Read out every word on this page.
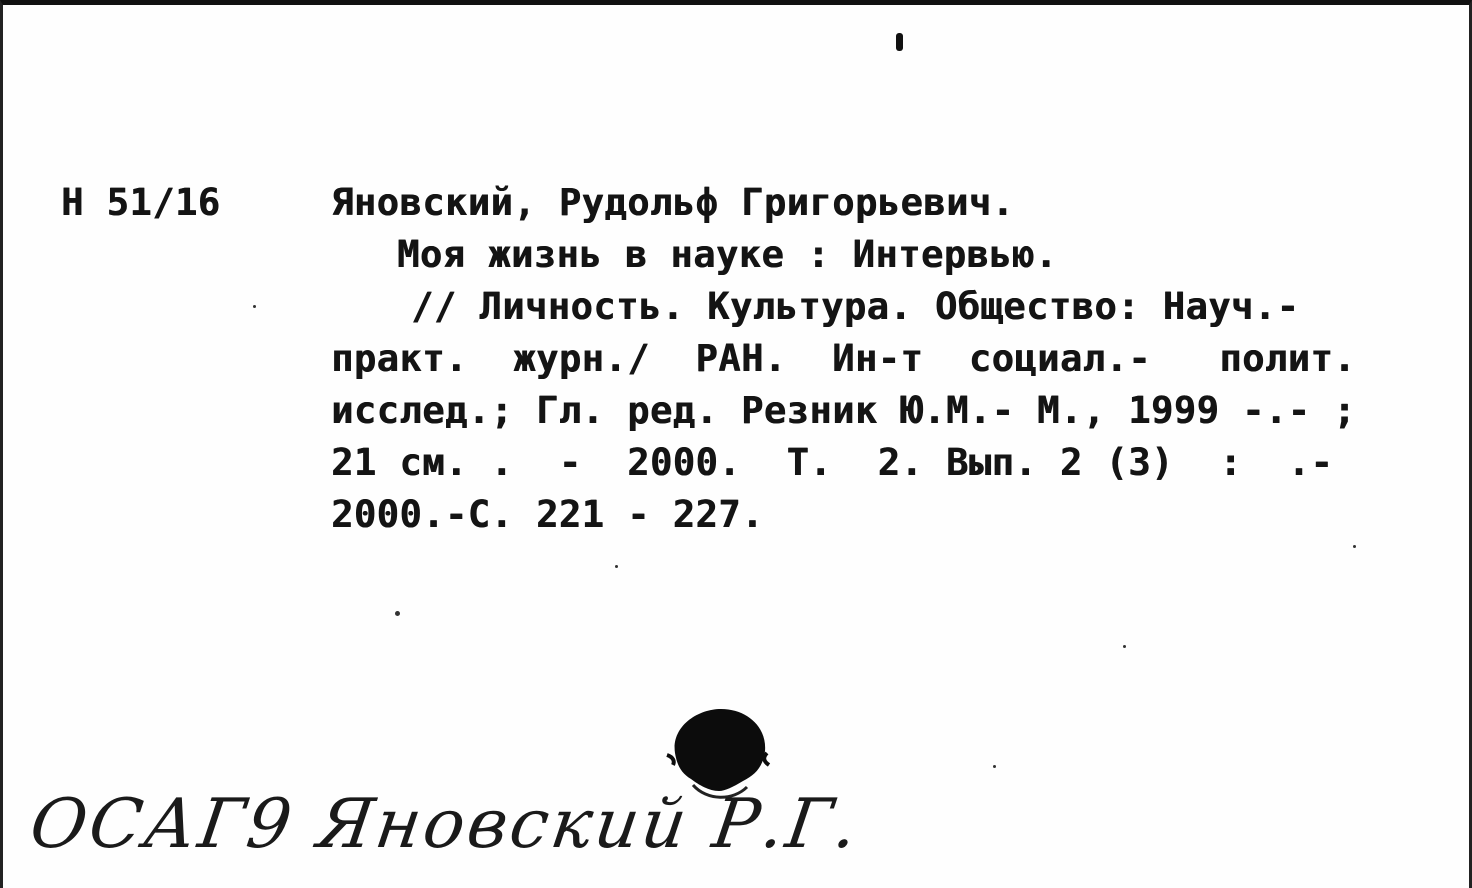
Н 51/16	Яновский, Рудольф Григорьевич.
Моя жизнь в науке : Интервью.
// Личность. Культура. Общество: Науч.-
практ.  журн./  РАН.  Ин-т  социал.-   полит.
исслед.; Гл. ред. Резник Ю.М.- М., 1999 -.- ;
21 см. .  -  2000.  Т.  2. Вып. 2 (3)  :  .-
2000.-С. 221 - 227.
ОСАГ9 Яновский Р.Г.
